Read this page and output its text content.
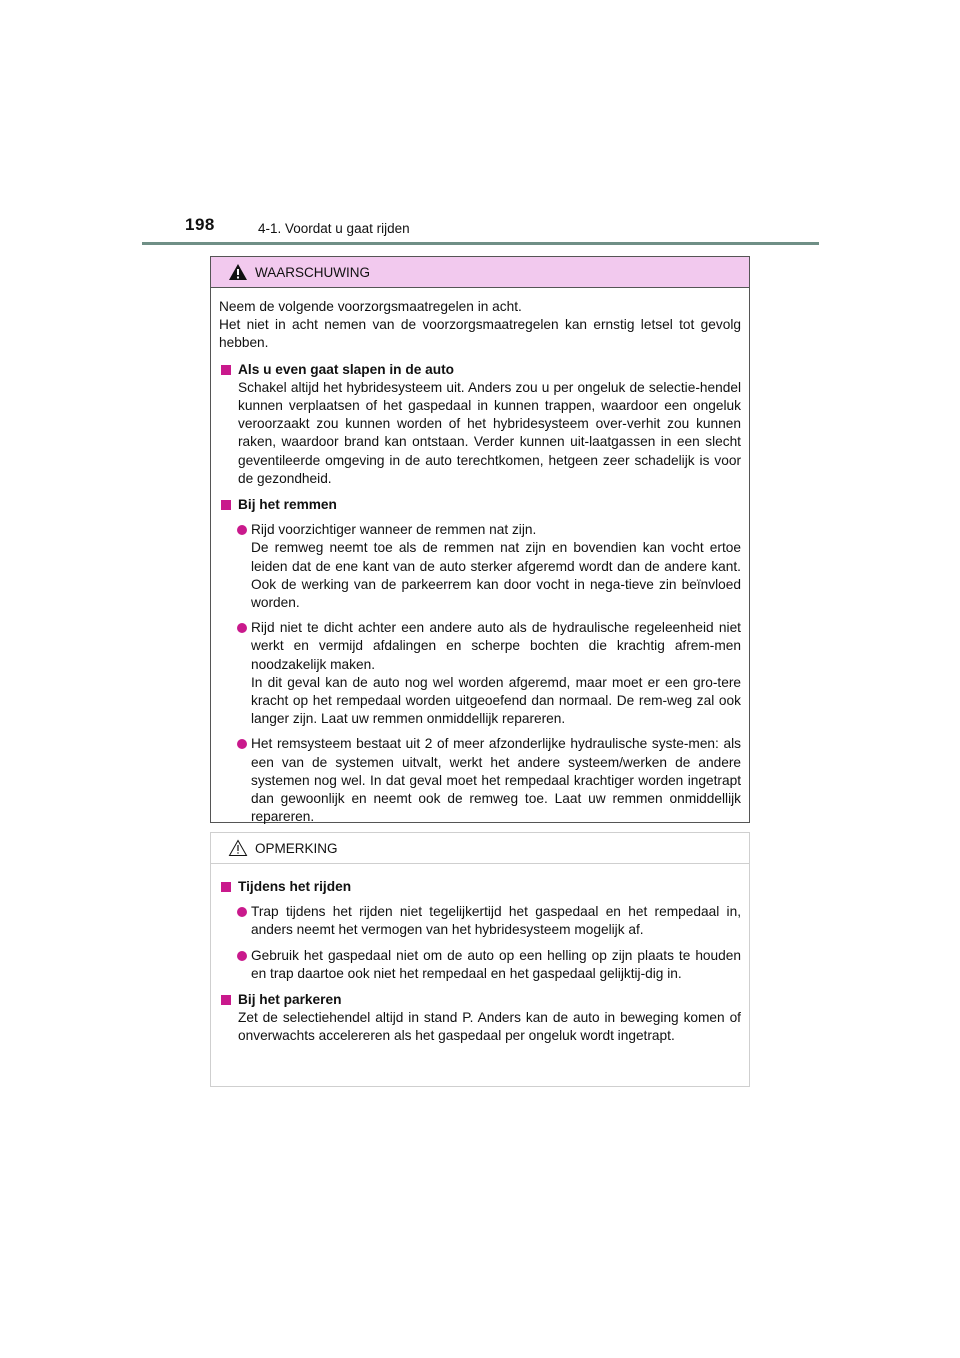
198	4-1. Voordat u gaat rijden
WAARSCHUWING
Neem de volgende voorzorgsmaatregelen in acht.
Het niet in acht nemen van de voorzorgsmaatregelen kan ernstig letsel tot gevolg hebben.
Als u even gaat slapen in de auto
Schakel altijd het hybridesysteem uit. Anders zou u per ongeluk de selectie-hendel kunnen verplaatsen of het gaspedaal in kunnen trappen, waardoor een ongeluk veroorzaakt zou kunnen worden of het hybridesysteem over-verhit zou kunnen raken, waardoor brand kan ontstaan. Verder kunnen uit-laatgassen in een slecht geventileerde omgeving in de auto terechtkomen, hetgeen zeer schadelijk is voor de gezondheid.
Bij het remmen
Rijd voorzichtiger wanneer de remmen nat zijn.
De remweg neemt toe als de remmen nat zijn en bovendien kan vocht ertoe leiden dat de ene kant van de auto sterker afgeremd wordt dan de andere kant. Ook de werking van de parkeerrem kan door vocht in nega-tieve zin beïnvloed worden.
Rijd niet te dicht achter een andere auto als de hydraulische regeleenheid niet werkt en vermijd afdalingen en scherpe bochten die krachtig afrem-men noodzakelijk maken.
In dit geval kan de auto nog wel worden afgeremd, maar moet er een gro-tere kracht op het rempedaal worden uitgeoefend dan normaal. De rem-weg zal ook langer zijn. Laat uw remmen onmiddellijk repareren.
Het remsysteem bestaat uit 2 of meer afzonderlijke hydraulische syste-men: als een van de systemen uitvalt, werkt het andere systeem/werken de andere systemen nog wel. In dat geval moet het rempedaal krachtiger worden ingetrapt dan gewoonlijk en neemt ook de remweg toe. Laat uw remmen onmiddellijk repareren.
OPMERKING
Tijdens het rijden
Trap tijdens het rijden niet tegelijkertijd het gaspedaal en het rempedaal in, anders neemt het vermogen van het hybridesysteem mogelijk af.
Gebruik het gaspedaal niet om de auto op een helling op zijn plaats te houden en trap daartoe ook niet het rempedaal en het gaspedaal gelijktij-dig in.
Bij het parkeren
Zet de selectiehendel altijd in stand P. Anders kan de auto in beweging komen of onverwachts accelereren als het gaspedaal per ongeluk wordt ingetrapt.
